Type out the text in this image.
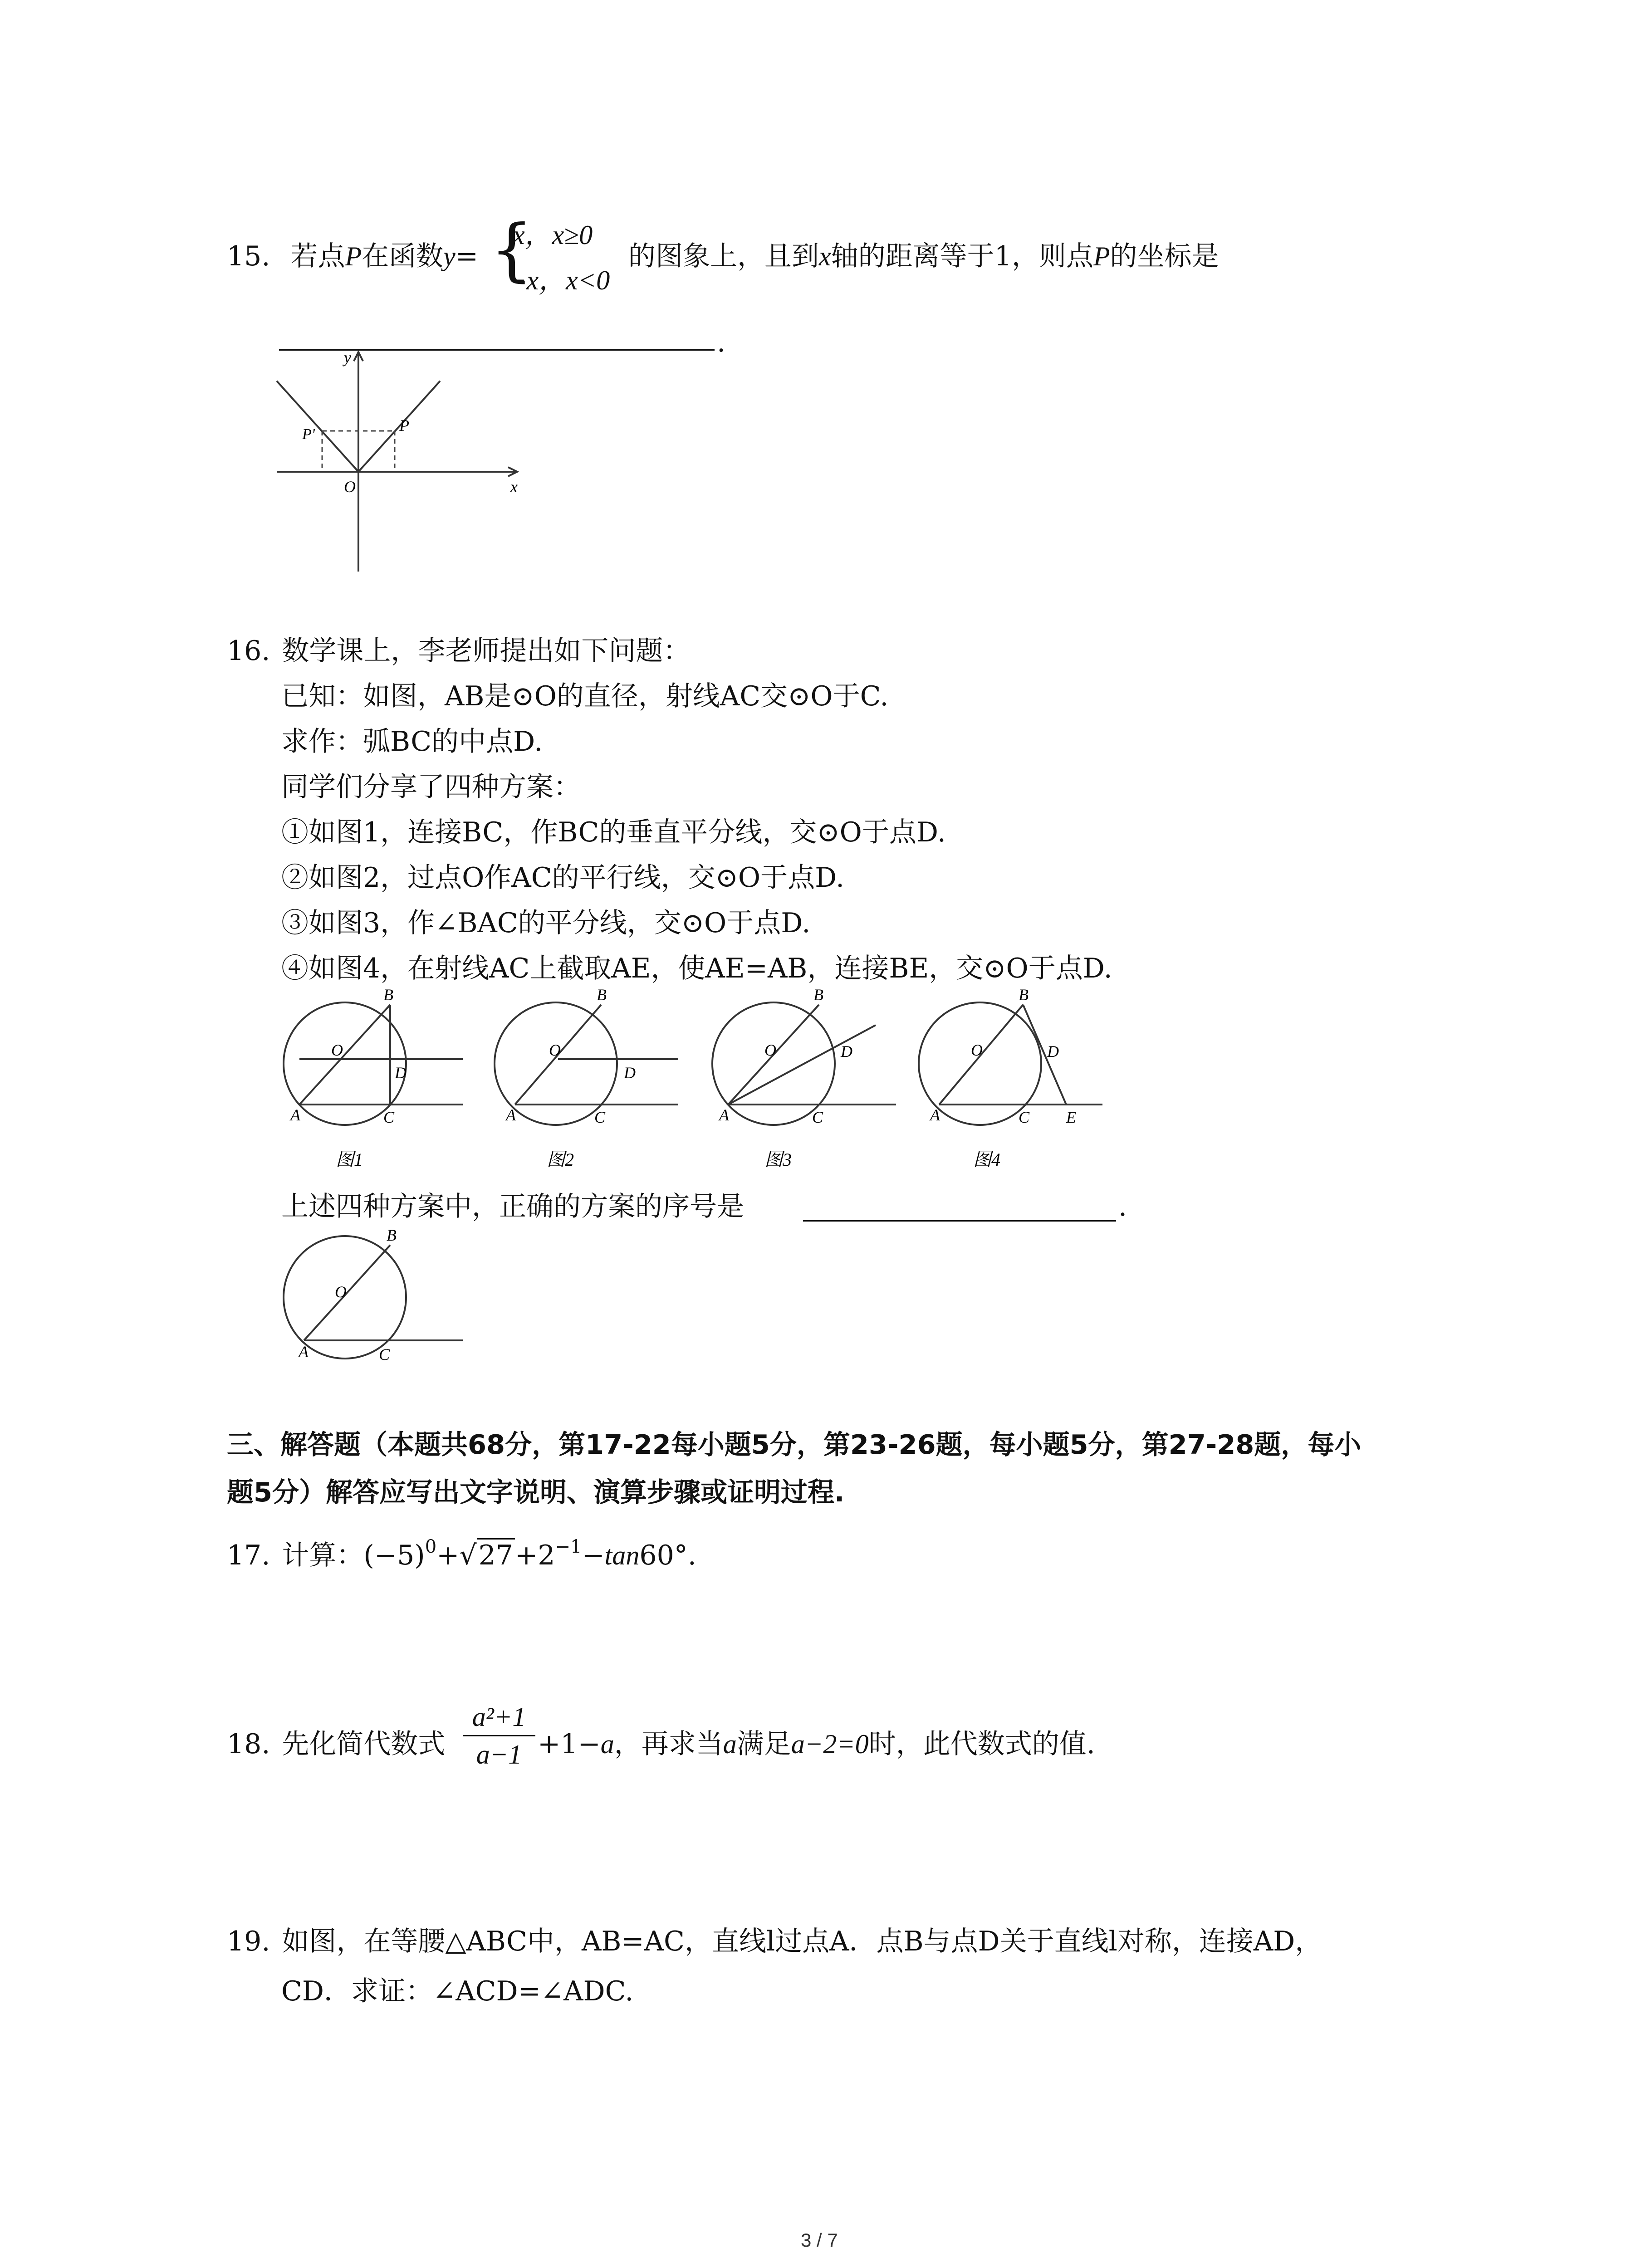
15. 若点P在函数y= {
x，x≥0
−x，x<0
的图象上，且到x轴的距离等于1，则点P的坐标是
.
y
x
O
P
P'
16. 数学课上，李老师提出如下问题：
已知：如图，AB是⊙O的直径，射线AC交⊙O于C.
求作：弧BC的中点D.
同学们分享了四种方案：
①如图1，连接BC，作BC的垂直平分线，交⊙O于点D.
②如图2，过点O作AC的平行线，交⊙O于点D.
③如图3，作∠BAC的平分线，交⊙O于点D.
④如图4，在射线AC上截取AE，使AE=AB，连接BE，交⊙O于点D.
A
B
C
D
O
图1
A
B
C
D
O
图2
A
B
C
D
O
图3
A
B
C
D
E
O
图4
上述四种方案中，正确的方案的序号是	.
A
B
C
O
三、解答题（本题共68分，第17-22每小题5分，第23-26题，每小题5分，第27-28题，每小
题5分）解答应写出文字说明、演算步骤或证明过程.
17. 计算：$(-5)^0+√27+2^{-1}-\tan 60^\circ$.
18. 先化简代数式
a²+1
a−1 +1−a，再求当a满足a−2=0时，此代数式的值.
19. 如图，在等腰△ABC中，AB=AC，直线l过点A．点B与点D关于直线l对称，连接AD，
CD．求证：∠ACD=∠ADC.
3 / 7
